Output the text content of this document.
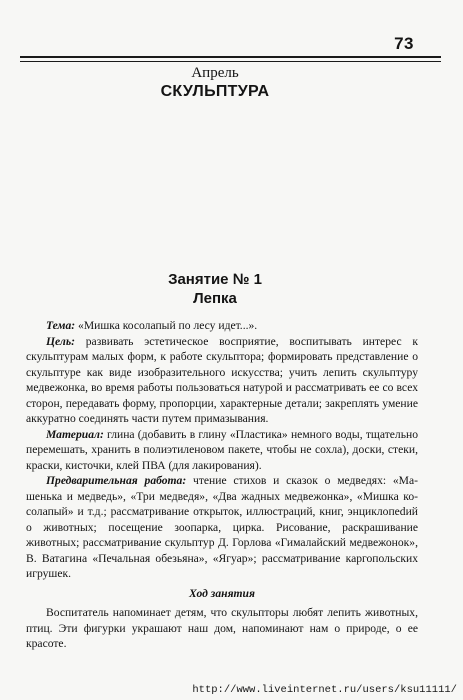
73
Апрель
СКУЛЬПТУРА
Занятие № 1
Лепка

Тема: «Мишка косолапый по лесу идет...».

Цель: развивать эстетическое восприятие, воспитывать интерес к скульптурам малых форм, к работе скульптора; формировать представление о скульптуре как виде изобразительного искусства; учить лепить скульптуру медвежонка, во время работы пользоваться натурой и рассматривать ее со всех сторон, передавать форму, пропорции, характерные детали; закреплять умение аккуратно соединять части путем примазывания.

Материал: глина (добавить в глину «Пластика» немного воды, тщательно перемешать, хранить в полиэтиленовом пакете, чтобы не сохла), доски, стеки, краски, кисточки, клей ПВА (для лакирования).

Предварительная работа: чтение стихов и сказок о медведях: «Машенька и медведь», «Три медведя», «Два жадных медвежонка», «Мишка косолапый» и т.д.; рассматривание открыток, иллюстраций, книг, энциклопеdий о животных; посещение зоопарка, цирка. Рисование, раскрашивание животных; рассматривание скульптур Д. Горлова «Гималайский медвежонок», В. Ватагина «Печальная обезьяна», «Ягуар»; рассматривание каргопольских игрушек.

Ход занятия

Воспитатель напоминает детям, что скульпторы любят лепить животных, птиц. Эти фигурки украшают наш дом, напоминают нам о природе, о ее красоте.

http://www.liveinternet.ru/users/ksu11111/
